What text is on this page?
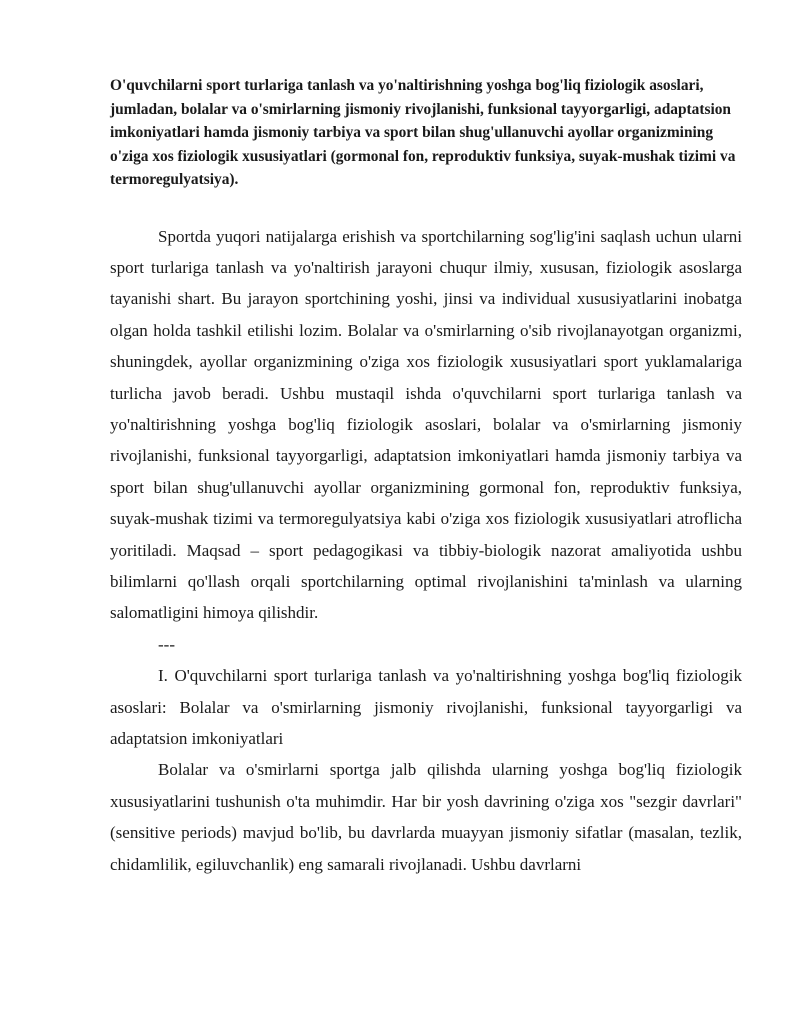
O'quvchilarni sport turlariga tanlash va yo'naltirishning yoshga bog'liq fiziologik asoslari, jumladan, bolalar va o'smirlarning jismoniy rivojlanishi, funksional tayyorgarligi, adaptatsion imkoniyatlari hamda jismoniy tarbiya va sport bilan shug'ullanuvchi ayollar organizmining o'ziga xos fiziologik xususiyatlari (gormonal fon, reproduktiv funksiya, suyak-mushak tizimi va termoregulyatsiya).

Sportda yuqori natijalarga erishish va sportchilarning sog'lig'ini saqlash uchun ularni sport turlariga tanlash va yo'naltirish jarayoni chuqur ilmiy, xususan, fiziologik asoslarga tayanishi shart. Bu jarayon sportchining yoshi, jinsi va individual xususiyatlarini inobatga olgan holda tashkil etilishi lozim. Bolalar va o'smirlarning o'sib rivojlanayotgan organizmi, shuningdek, ayollar organizmining o'ziga xos fiziologik xususiyatlari sport yuklamalariga turlicha javob beradi. Ushbu mustaqil ishda o'quvchilarni sport turlariga tanlash va yo'naltirishning yoshga bog'liq fiziologik asoslari, bolalar va o'smirlarning jismoniy rivojlanishi, funksional tayyorgarligi, adaptatsion imkoniyatlari hamda jismoniy tarbiya va sport bilan shug'ullanuvchi ayollar organizmining gormonal fon, reproduktiv funksiya, suyak-mushak tizimi va termoregulyatsiya kabi o'ziga xos fiziologik xususiyatlari atroflicha yoritiladi. Maqsad – sport pedagogikasi va tibbiy-biologik nazorat amaliyotida ushbu bilimlarni qo'llash orqali sportchilarning optimal rivojlanishini ta'minlash va ularning salomatligini himoya qilishdir.

---

I. O'quvchilarni sport turlariga tanlash va yo'naltirishning yoshga bog'liq fiziologik asoslari: Bolalar va o'smirlarning jismoniy rivojlanishi, funksional tayyorgarligi va adaptatsion imkoniyatlari

Bolalar va o'smirlarni sportga jalb qilishda ularning yoshga bog'liq fiziologik xususiyatlarini tushunish o'ta muhimdir. Har bir yosh davrining o'ziga xos "sezgir davrlari" (sensitive periods) mavjud bo'lib, bu davrlarda muayyan jismoniy sifatlar (masalan, tezlik, chidamlilik, egiluvchanlik) eng samarali rivojlanadi. Ushbu davrlarni
